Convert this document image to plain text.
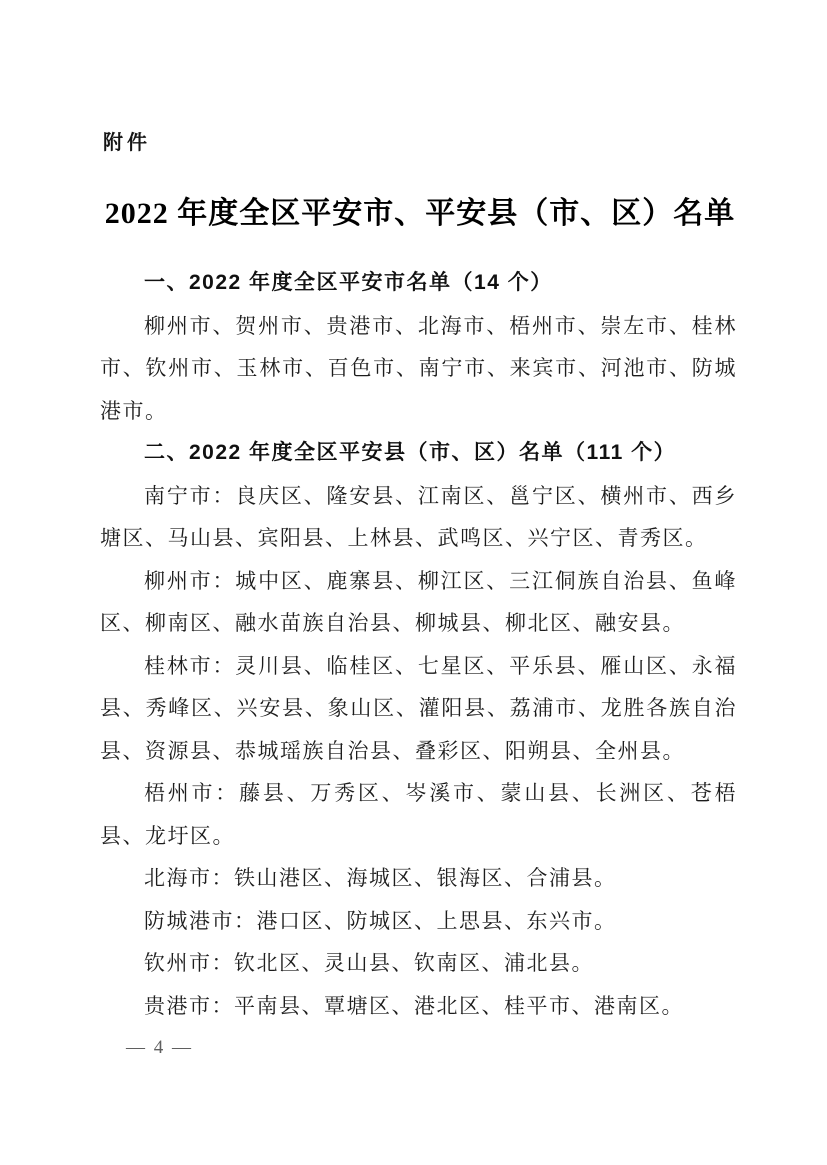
附件
2022 年度全区平安市、平安县（市、区）名单
一、2022 年度全区平安市名单（14 个）

柳州市、贺州市、贵港市、北海市、梧州市、崇左市、桂林市、钦州市、玉林市、百色市、南宁市、来宾市、河池市、防城港市。

二、2022 年度全区平安县（市、区）名单（111 个）

南宁市：良庆区、隆安县、江南区、邕宁区、横州市、西乡塘区、马山县、宾阳县、上林县、武鸣区、兴宁区、青秀区。

柳州市：城中区、鹿寨县、柳江区、三江侗族自治县、鱼峰区、柳南区、融水苗族自治县、柳城县、柳北区、融安县。

桂林市：灵川县、临桂区、七星区、平乐县、雁山区、永福县、秀峰区、兴安县、象山区、灌阳县、荔浦市、龙胜各族自治县、资源县、恭城瑶族自治县、叠彩区、阳朔县、全州县。

梧州市：藤县、万秀区、岑溪市、蒙山县、长洲区、苍梧县、龙圩区。

北海市：铁山港区、海城区、银海区、合浦县。

防城港市：港口区、防城区、上思县、东兴市。

钦州市：钦北区、灵山县、钦南区、浦北县。

贵港市：平南县、覃塘区、港北区、桂平市、港南区。

— 4 —
